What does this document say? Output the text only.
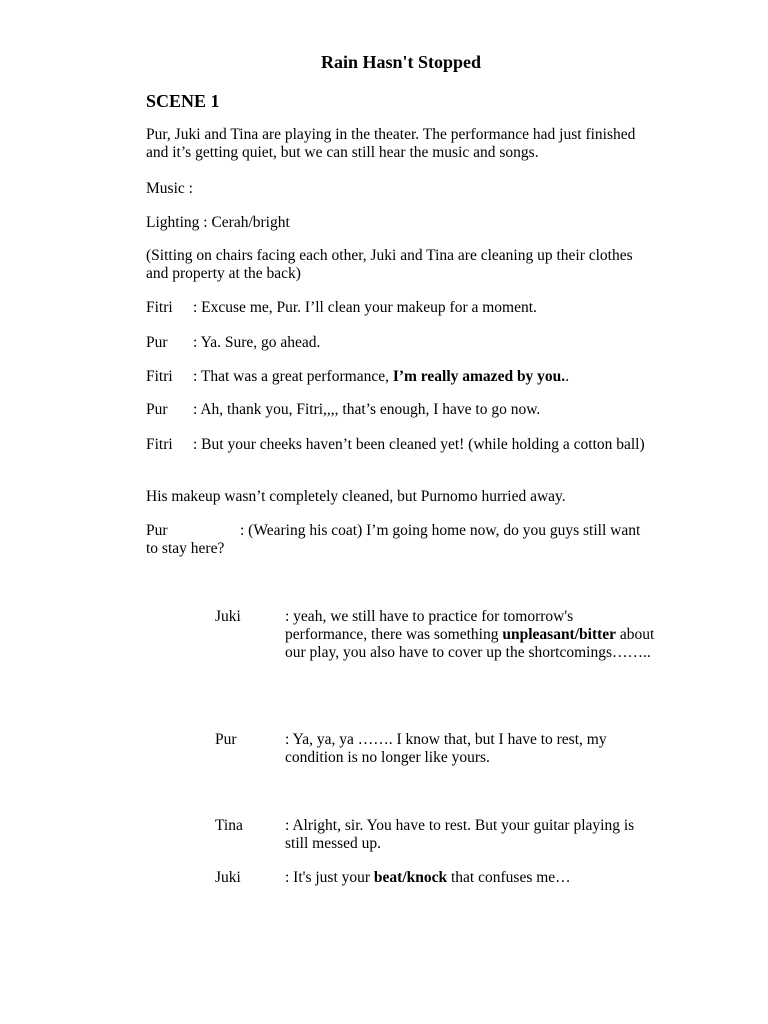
Rain Hasn't Stopped
SCENE 1
Pur, Juki and Tina are playing in the theater. The performance had just finished and it’s getting quiet, but we can still hear the music and songs.
Music :
Lighting : Cerah/bright
(Sitting on chairs facing each other, Juki and Tina are cleaning up their clothes and property at the back)
Fitri : Excuse me, Pur. I’ll clean your makeup for a moment.
Pur : Ya. Sure, go ahead.
Fitri : That was a great performance, I’m really amazed by you..
Pur : Ah, thank you, Fitri,,,, that’s enough, I have to go now.
Fitri : But your cheeks haven’t been cleaned yet! (while holding a cotton ball)
His makeup wasn’t completely cleaned, but Purnomo hurried away.
Pur	: (Wearing his coat) I’m going home now, do you guys still want to stay here?
Juki	: yeah, we still have to practice for tomorrow's performance, there was something unpleasant/bitter about our play, you also have to cover up the shortcomings……..
Pur	: Ya, ya, ya ……. I know that, but I have to rest, my condition is no longer like yours.
Tina	: Alright, sir. You have to rest. But your guitar playing is still messed up.
Juki	: It's just your beat/knock that confuses me…
